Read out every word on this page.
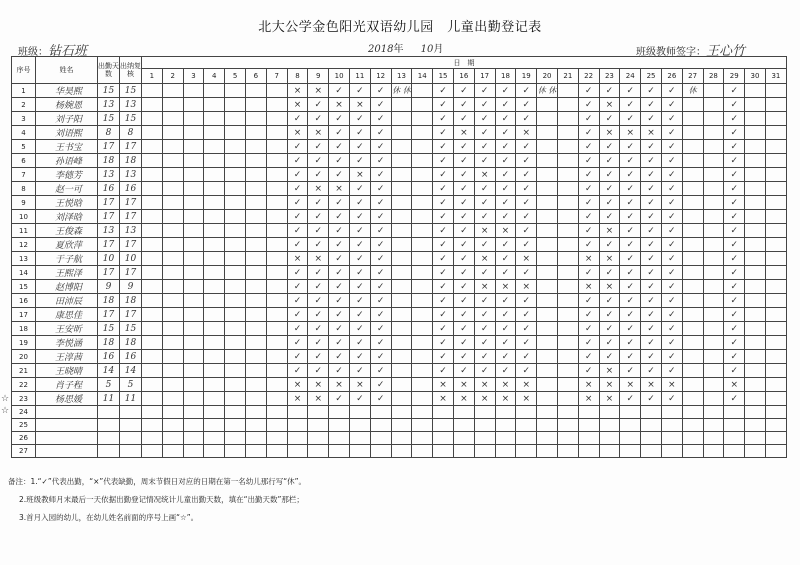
北大公学金色阳光双语幼儿园　儿童出勤登记表
班级：钻石班	2018年 10月	班级教师签字：王心竹
序号	姓名	出勤天数	出纳复核	日　期																														
				1	2	3	4	5	6	7	8	9	10	11	12	13	14	15	16	17	18	19	20	21	22	23	24	25	26	27	28	29	30	31
1	华昊熙	15	15								×	×	✓	✓	✓	休 休		✓	✓	✓	✓	✓	休 休		✓	✓	✓	✓	✓	休		✓		
2	杨婉恩	13	13								×	✓	×	×	✓			✓	✓	✓	✓	✓			✓	×	✓	✓	✓			✓		
3	刘子阳	15	15								✓	✓	✓	✓	✓			✓	✓	✓	✓	✓			✓	✓	✓	✓	✓			✓		
4	刘语熙	8	8								×	×	✓	✓	✓			✓	×	✓	✓	×			✓	×	×	×	✓			✓		
5	王书宝	17	17								✓	✓	✓	✓	✓			✓	✓	✓	✓	✓			✓	✓	✓	✓	✓			✓		
6	孙语峰	18	18								✓	✓	✓	✓	✓			✓	✓	✓	✓	✓			✓	✓	✓	✓	✓			✓		
7	李德芳	13	13								✓	✓	✓	×	✓			✓	✓	×	✓	✓			✓	✓	✓	✓	✓			✓		
8	赵一可	16	16								✓	×	×	✓	✓			✓	✓	✓	✓	✓			✓	✓	✓	✓	✓			✓		
9	王悦晗	17	17								✓	✓	✓	✓	✓			✓	✓	✓	✓	✓			✓	✓	✓	✓	✓			✓		
10	刘泽晗	17	17								✓	✓	✓	✓	✓			✓	✓	✓	✓	✓			✓	✓	✓	✓	✓			✓		
11	王俊森	13	13								✓	✓	✓	✓	✓			✓	✓	×	×	✓			✓	×	✓	✓	✓			✓		
12	夏欣萍	17	17								✓	✓	✓	✓	✓			✓	✓	✓	✓	✓			✓	✓	✓	✓	✓			✓		
13	于子航	10	10								×	×	✓	✓	✓			✓	✓	×	✓	×			×	×	✓	✓	✓			✓		
14	王熙泽	17	17								✓	✓	✓	✓	✓			✓	✓	✓	✓	✓			✓	✓	✓	✓	✓			✓		
15	赵博阳	9	9								✓	✓	✓	✓	✓			✓	✓	×	×	×			×	×	✓	✓	✓			✓		
16	田沛辰	18	18								✓	✓	✓	✓	✓			✓	✓	✓	✓	✓			✓	✓	✓	✓	✓			✓		
17	康思佳	17	17								✓	✓	✓	✓	✓			✓	✓	✓	✓	✓			✓	✓	✓	✓	✓			✓		
18	王安昕	15	15								✓	✓	✓	✓	✓			✓	✓	✓	✓	✓			✓	✓	✓	✓	✓			✓		
19	李悦涵	18	18								✓	✓	✓	✓	✓			✓	✓	✓	✓	✓			✓	✓	✓	✓	✓			✓		
20	王淳茜	16	16								✓	✓	✓	✓	✓			✓	✓	✓	✓	✓			✓	✓	✓	✓	✓			✓		
21	王晓晴	14	14								✓	✓	✓	✓	✓			✓	✓	✓	✓	✓			✓	×	✓	✓	✓			✓		
22	肖子程	5	5								×	×	×	×	✓			×	×	×	×	×			×	×	×	×	×			×		
23	杨思媛	11	11								×	×	✓	✓	✓			×	×	×	×	×			×	×	✓	✓	✓			✓		
24																																		
25																																		
26																																		
27																																		
☆
☆
备注：1.“✓”代表出勤，“×”代表缺勤，周末节假日对应的日期在第一名幼儿那行写“休”。
2.班级教师月末最后一天依据出勤登记情况统计儿童出勤天数，填在“出勤天数”那栏；
3.首月入园的幼儿，在幼儿姓名前面的序号上画“☆”。
